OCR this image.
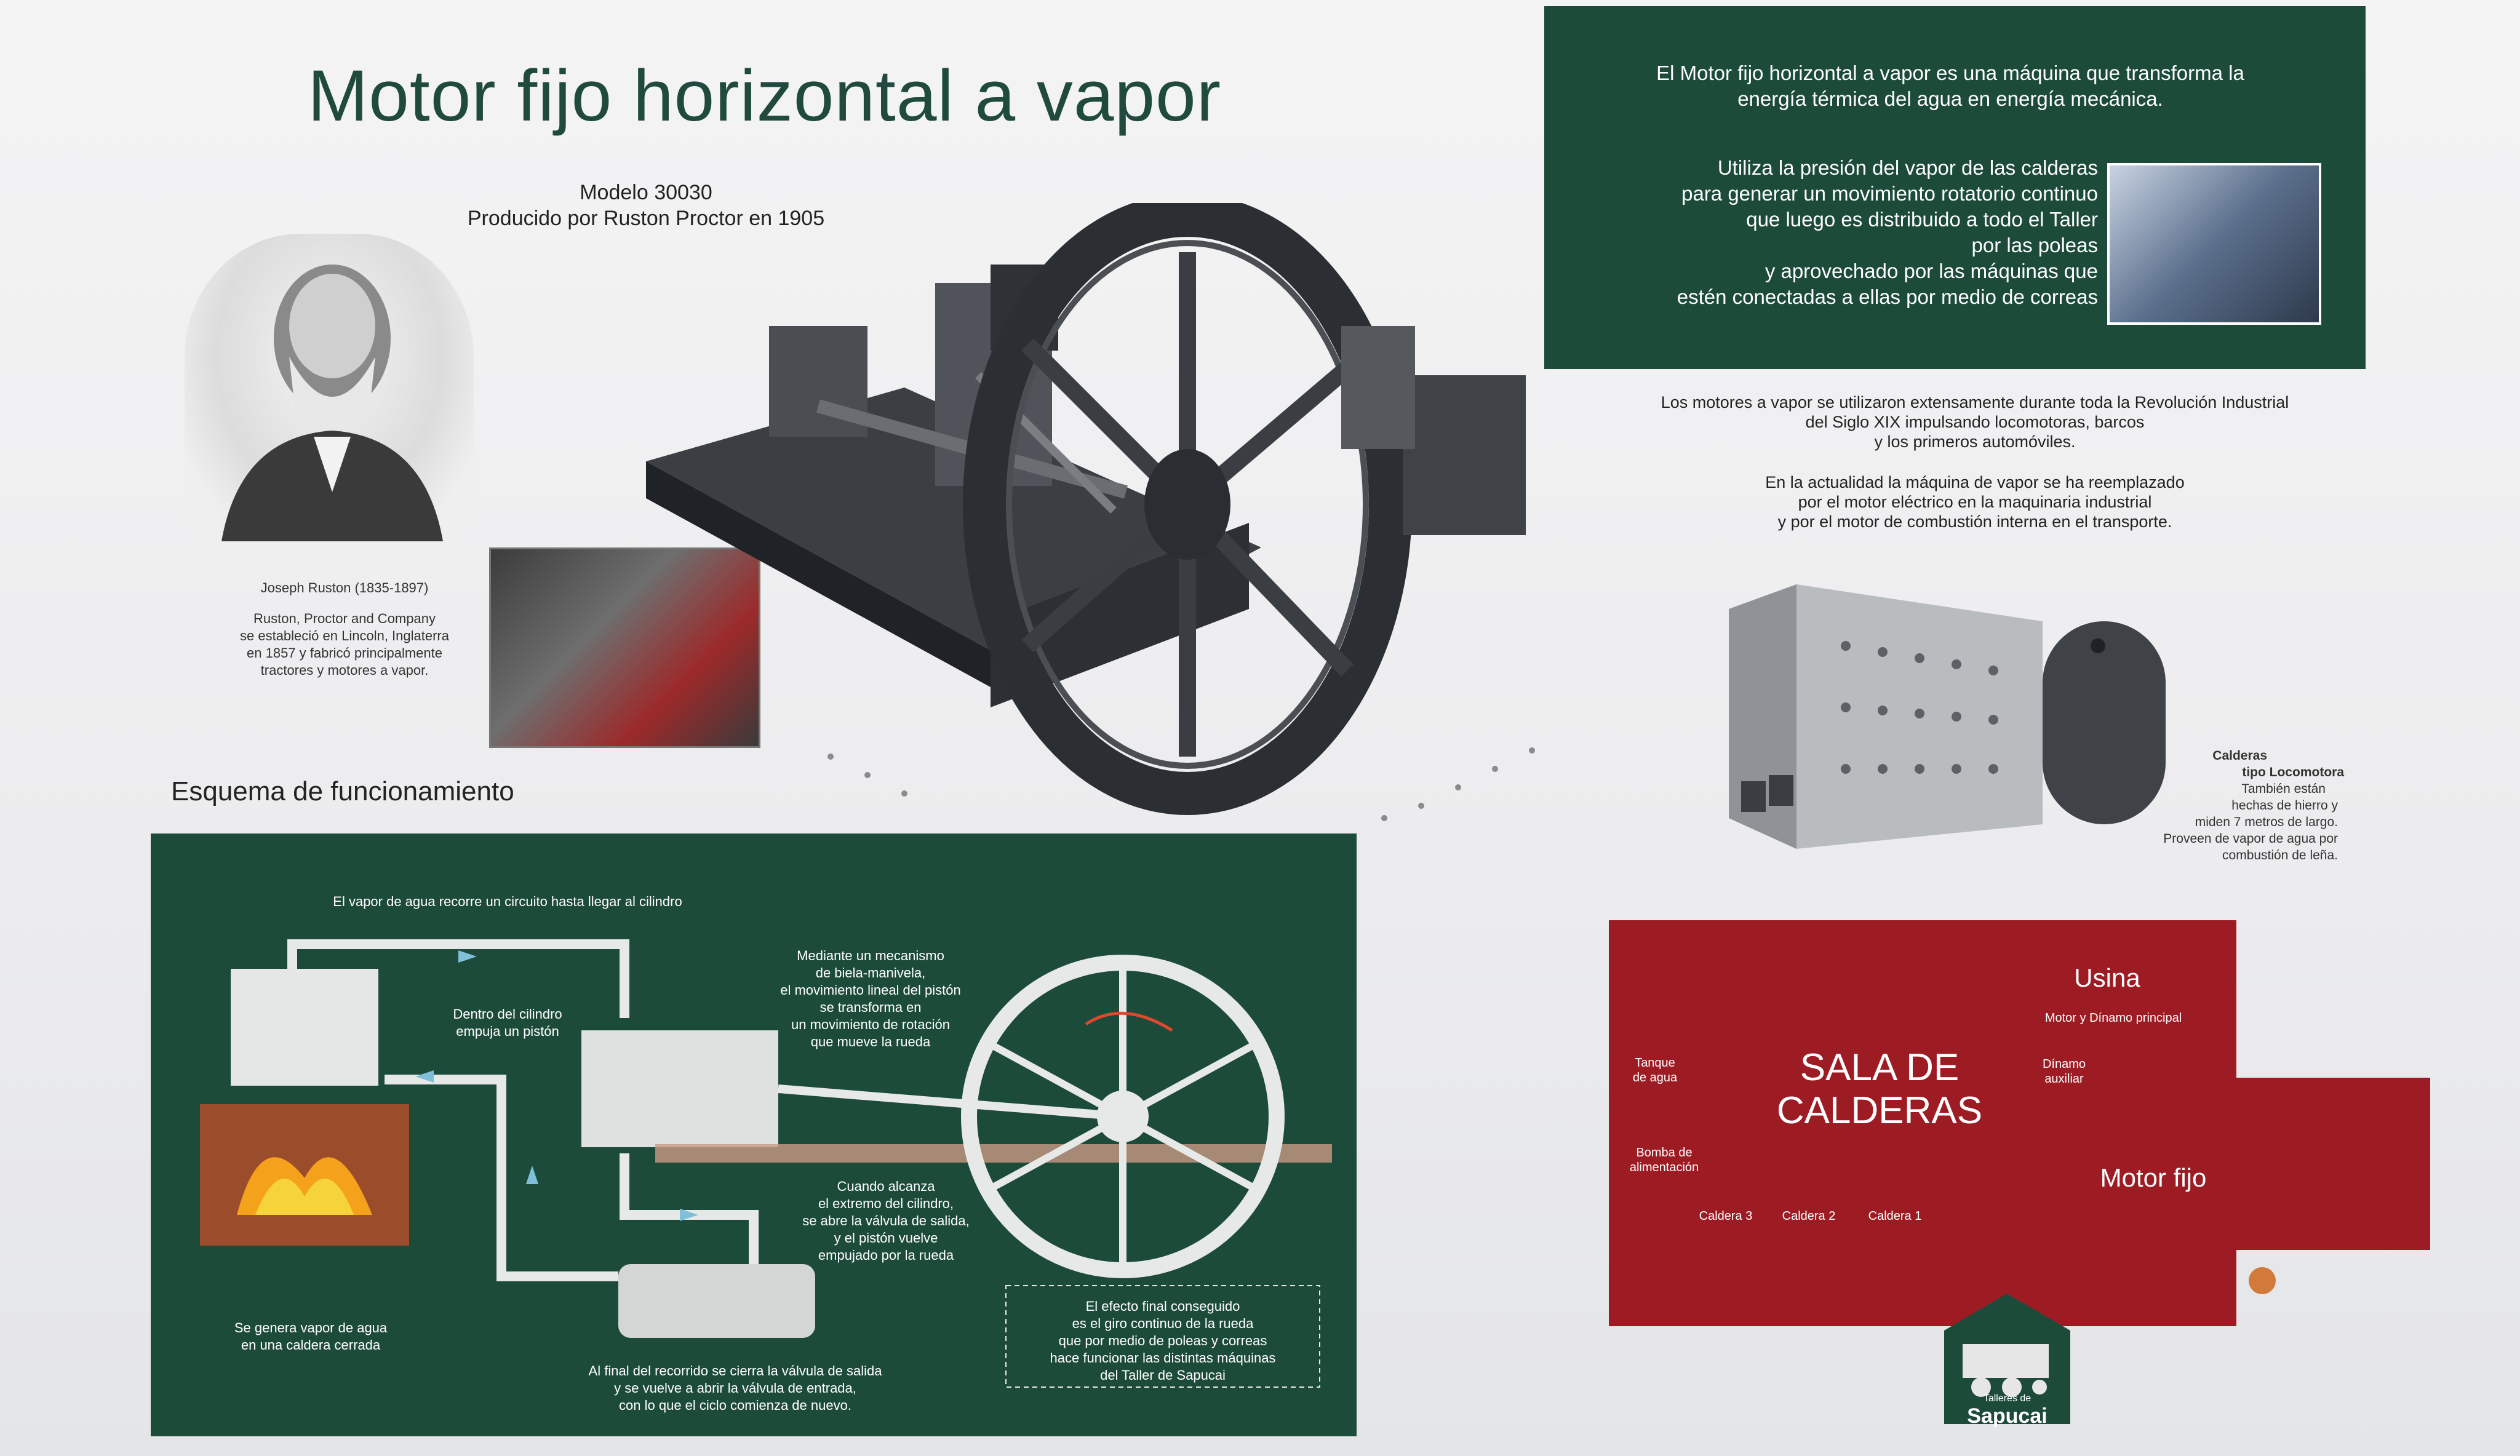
Motor fijo horizontal a vapor
Modelo 30030
Producido por Ruston Proctor en 1905
Joseph Ruston (1835-1897)
Ruston, Proctor and Company
se estableció en Lincoln, Inglaterra
en 1857 y fabricó principalmente
tractores y motores a vapor.
El Motor fijo horizontal a vapor es una máquina que transforma la
energía térmica del agua en energía mecánica.
Utiliza la presión del vapor de las calderas
para generar un movimiento rotatorio continuo
que luego es distribuido a todo el Taller
por las poleas
y aprovechado por las máquinas que
estén conectadas a ellas por medio de correas
Los motores a vapor se utilizaron extensamente durante toda la Revolución Industrial
del Siglo XIX impulsando locomotoras, barcos
y los primeros automóviles.
En la actualidad la máquina de vapor se ha reemplazado
por el motor eléctrico en la maquinaria industrial
y por el motor de combustión interna en el transporte.
Calderas
tipo Locomotora
También están
hechas de hierro y
miden 7 metros de largo.
Proveen de vapor de agua por
combustión de leña.
Esquema de funcionamiento
El vapor de agua recorre un circuito hasta llegar al cilindro
Dentro del cilindro
empuja un pistón
Mediante un mecanismo
de biela-manivela,
el movimiento lineal del pistón
se transforma en
un movimiento de rotación
que mueve la rueda
Cuando alcanza
el extremo del cilindro,
se abre la válvula de salida,
y el pistón vuelve
empujado por la rueda
Se genera vapor de agua
en una caldera cerrada
Al final del recorrido se cierra la válvula de salida
y se vuelve a abrir la válvula de entrada,
con lo que el ciclo comienza de nuevo.
El efecto final conseguido
es el giro continuo de la rueda
que por medio de poleas y correas
hace funcionar las distintas máquinas
del Taller de Sapucai
SALA DE
CALDERAS
Usina
Motor y Dínamo principal
Dínamo
auxiliar
Tanque
de agua
Bomba de
alimentación
Caldera 3	Caldera 2	Caldera 1
Motor fijo
Talleres de
Sapucai
